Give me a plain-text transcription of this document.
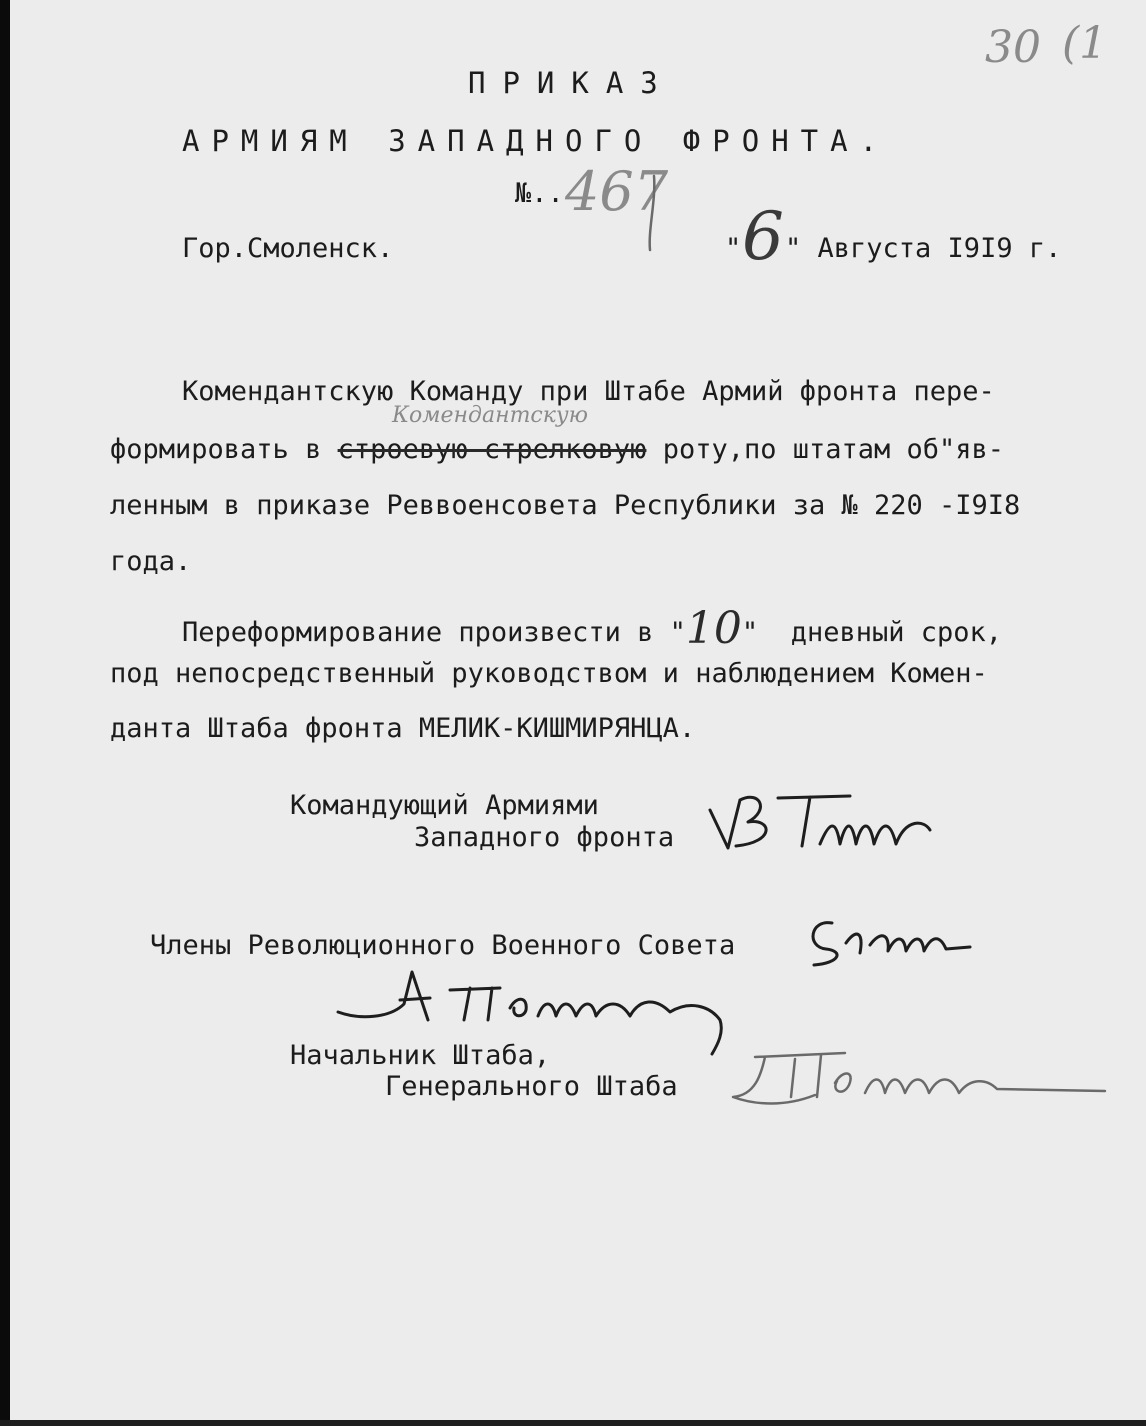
30 (1
ПРИКАЗ
АРМИЯМ ЗАПАДНОГО ФРОНТА.
№.. 467
Гор.Смоленск.	" 6 " Августа I9I9 г.
Комендантскую Команду при Штабе Армий фронта пере-
Комендантскую
формировать в строевую стрелковую роту,по штатам об"яв-
ленным в приказе Реввоенсовета Республики за № 220 -I9I8
года.
Переформирование произвести в "10"  дневный срок,
под непосредственный руководством и наблюдением Комен-
данта Штаба фронта МЕЛИК-КИШМИРЯНЦА.
Командующий Армиями
Западного фронта
Члены Революционного Военного Совета
Начальник Штаба,
Генерального Штаба
